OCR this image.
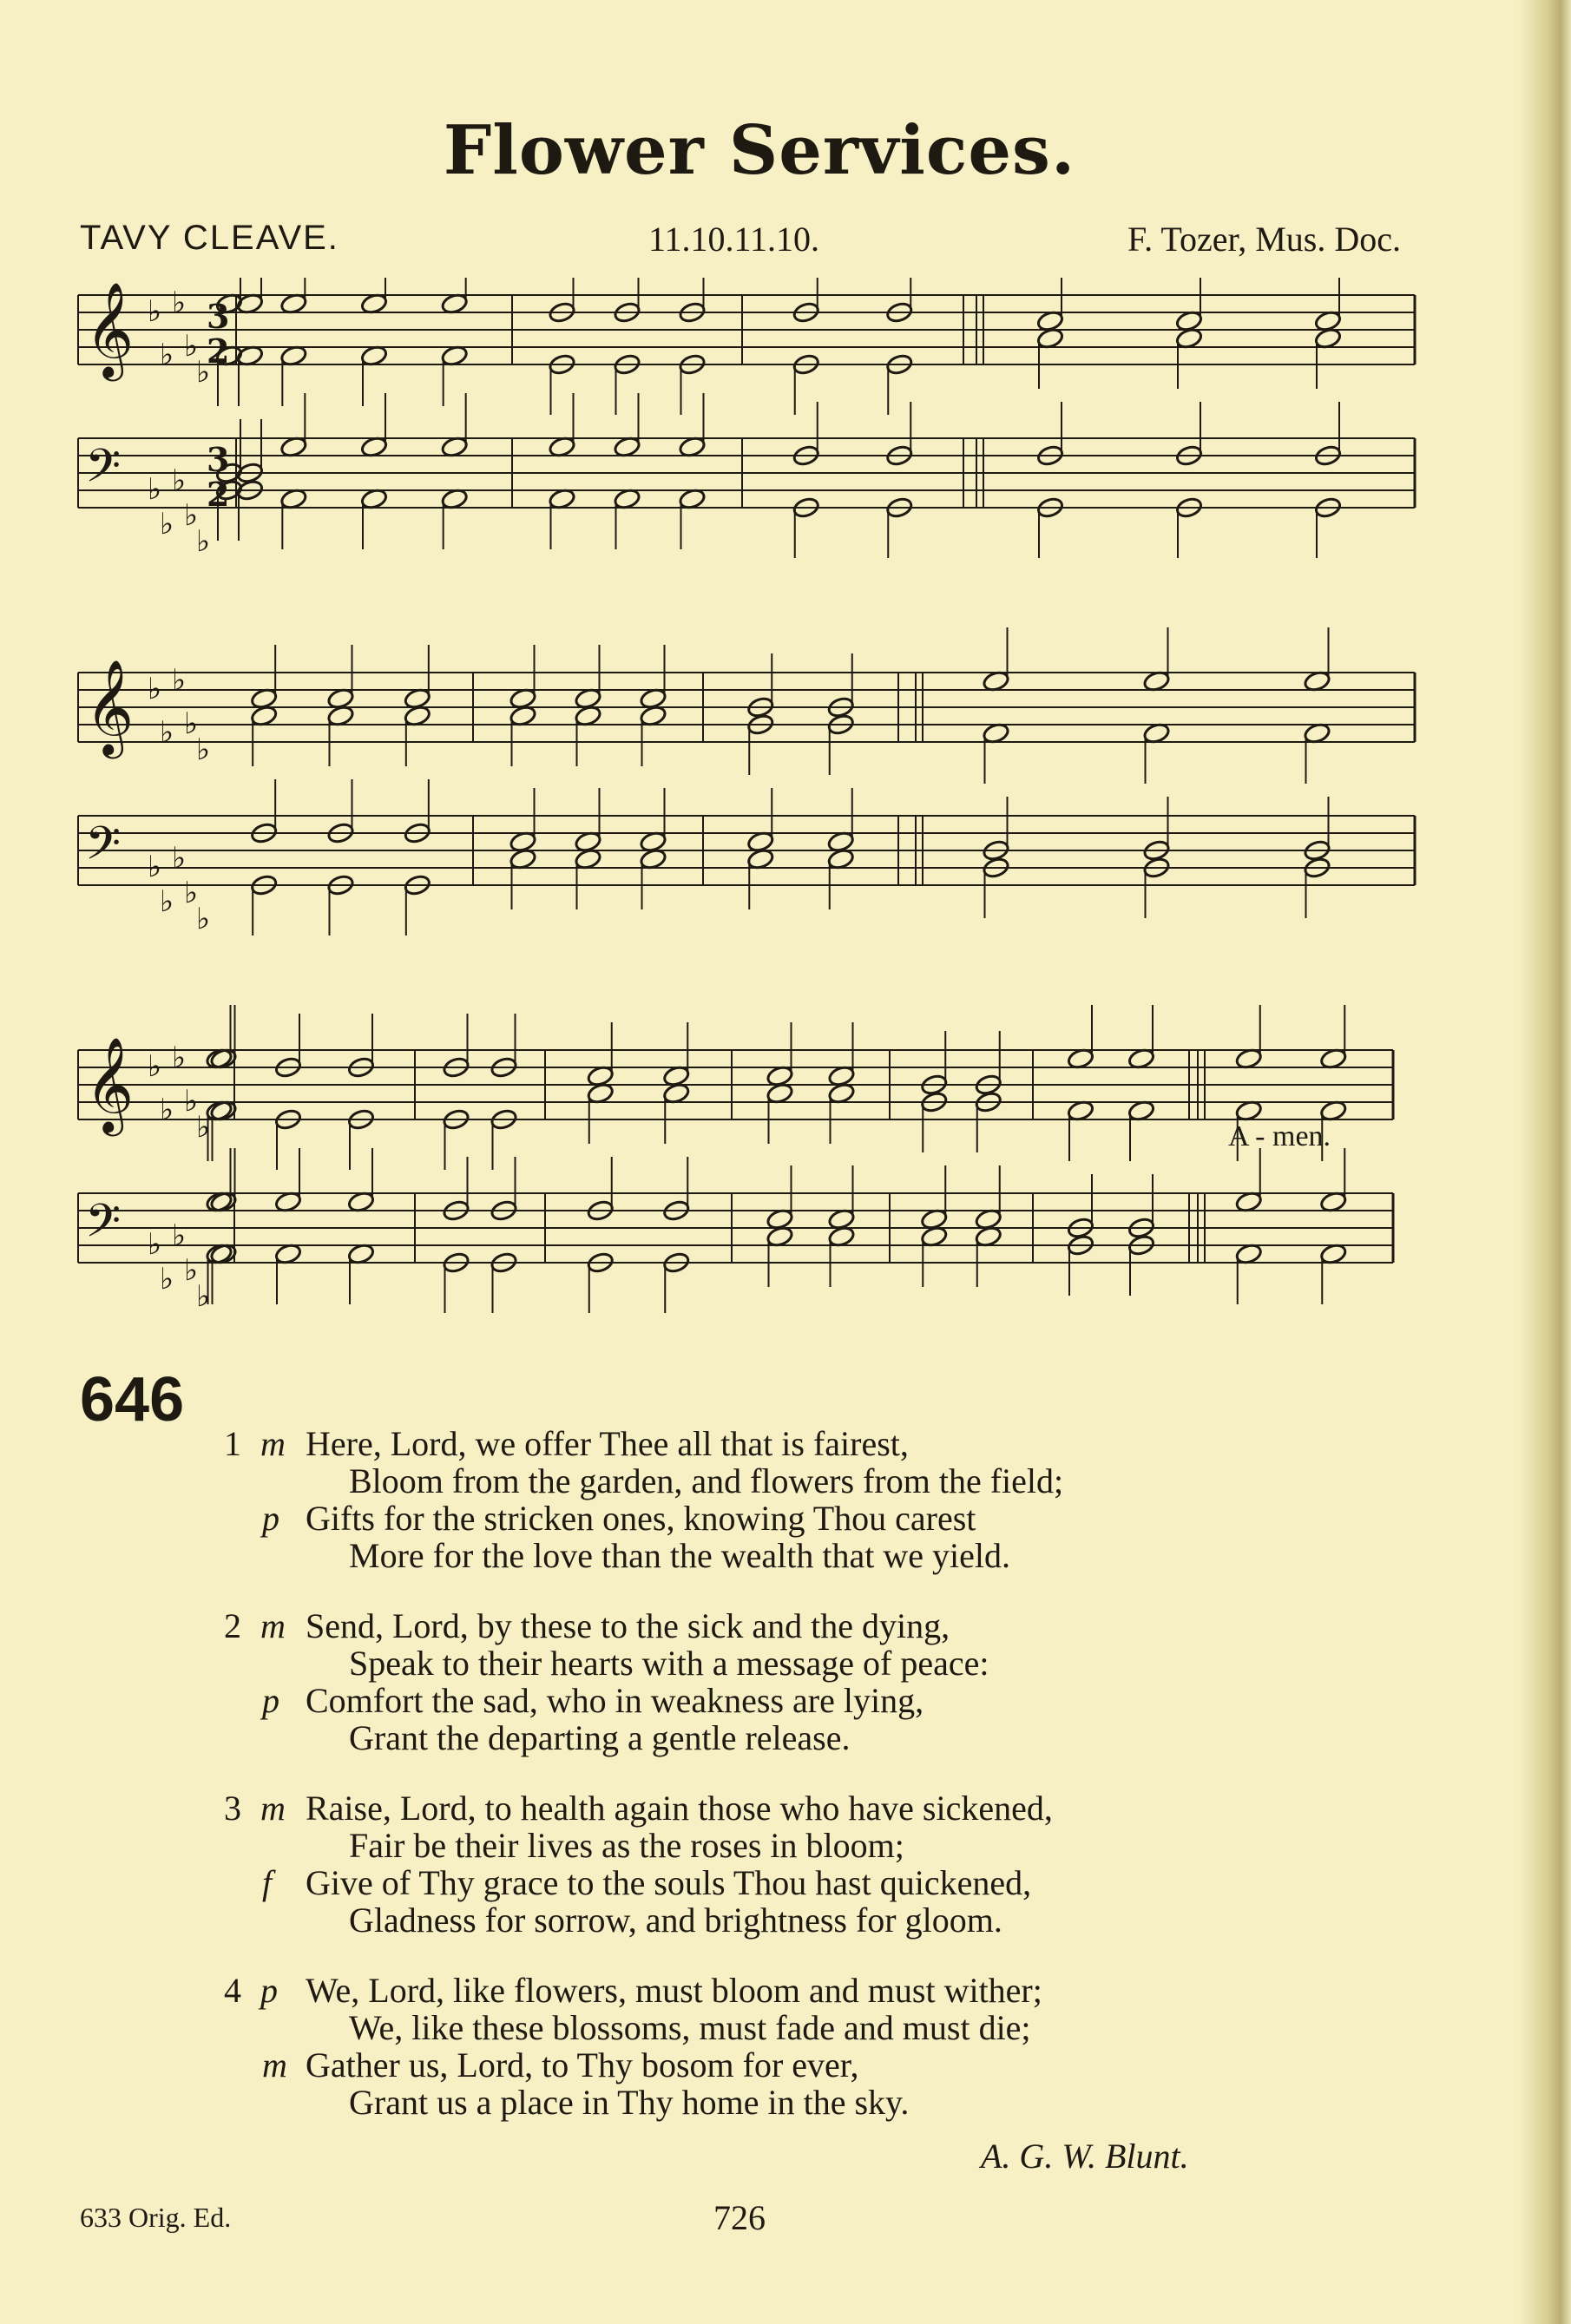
Flower Services.
TAVY CLEAVE.	11.10.11.10.	F. Tozer, Mus. Doc.
𝄞 ♭
♭
♭
♭
♭
3
2
𝄢 ♭
♭
♭
♭
♭
3
2
𝄞 ♭
♭
♭
♭
♭
𝄢 ♭
♭
♭
♭
♭
𝄞 ♭
♭
♭
♭
♭
𝄢 ♭
♭
♭
♭
♭
A - men.
646
1 m Here, Lord, we offer Thee all that is fairest,
Bloom from the garden, and flowers from the field;
p Gifts for the stricken ones, knowing Thou carest
More for the love than the wealth that we yield.
2 m Send, Lord, by these to the sick and the dying,
Speak to their hearts with a message of peace:
p Comfort the sad, who in weakness are lying,
Grant the departing a gentle release.
3 m Raise, Lord, to health again those who have sickened,
Fair be their lives as the roses in bloom;
f Give of Thy grace to the souls Thou hast quickened,
Gladness for sorrow, and brightness for gloom.
4 p We, Lord, like flowers, must bloom and must wither;
We, like these blossoms, must fade and must die;
m Gather us, Lord, to Thy bosom for ever,
Grant us a place in Thy home in the sky.
A. G. W. Blunt.
633 Orig. Ed.	726
